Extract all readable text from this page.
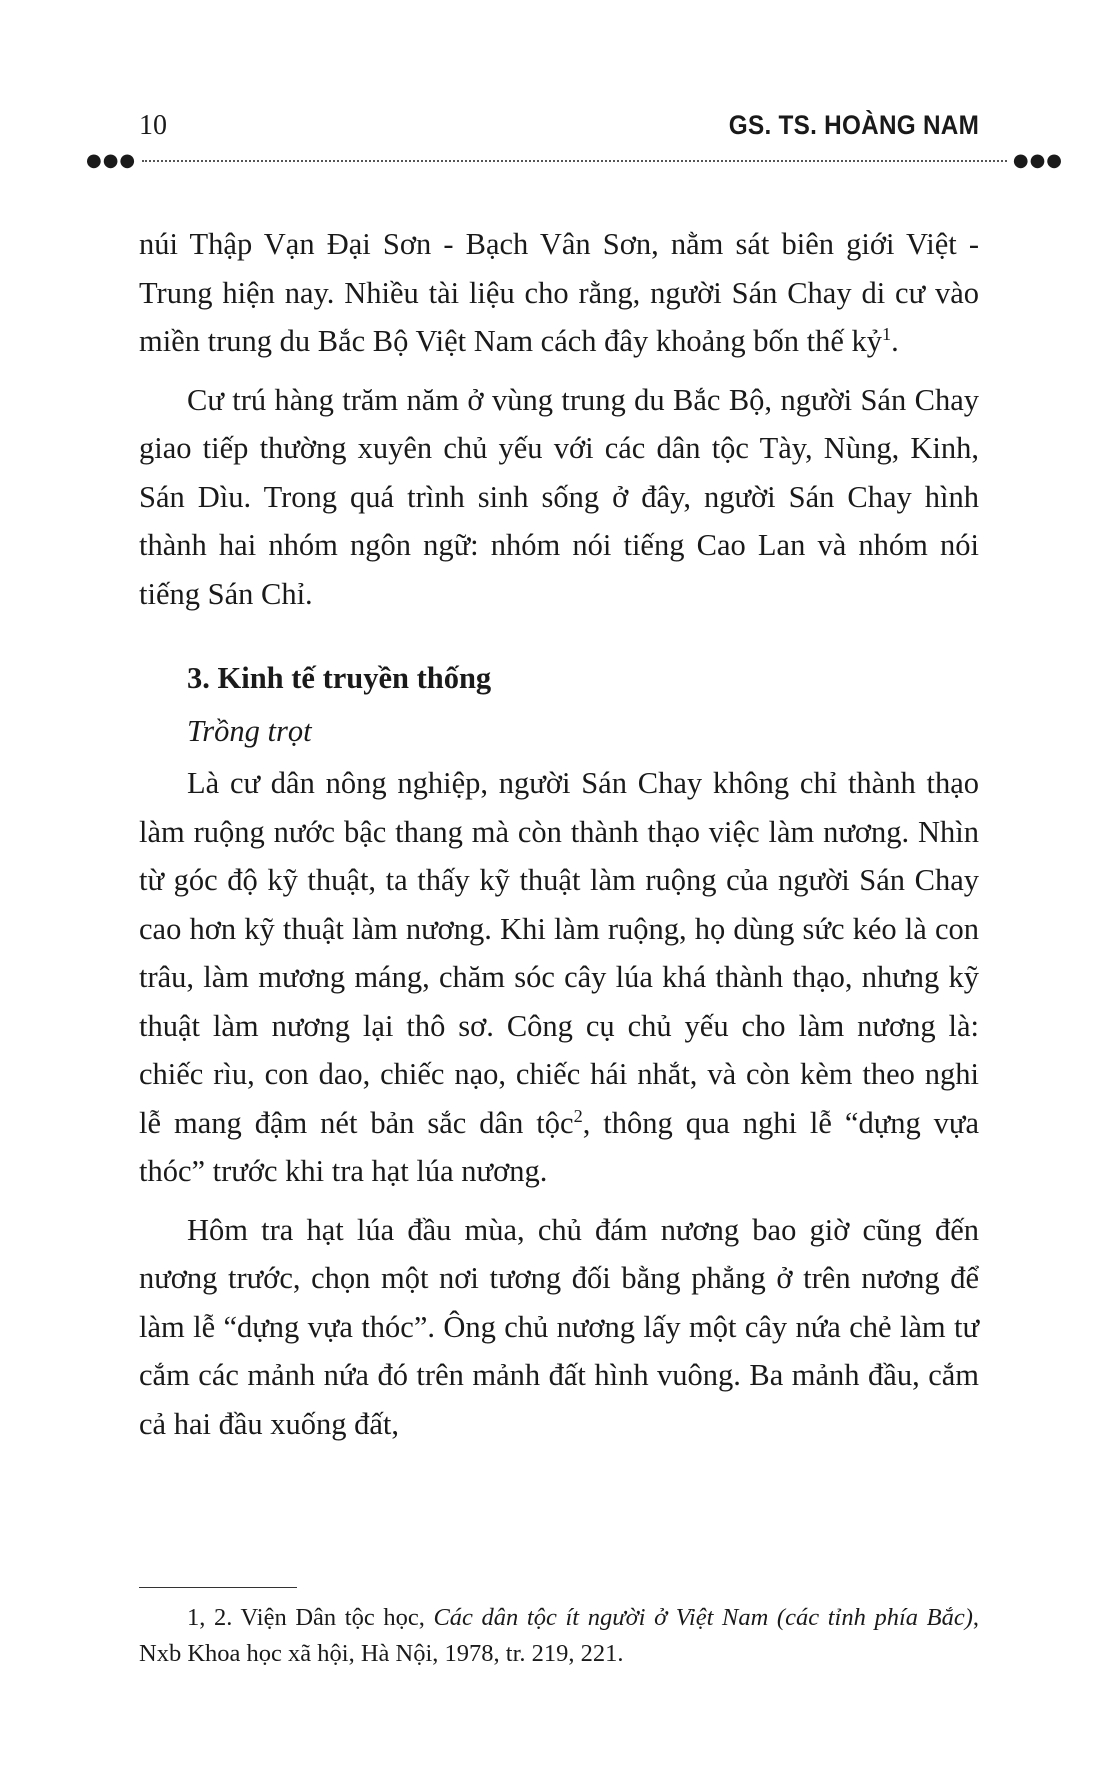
10	GS. TS. HOÀNG NAM
●●●	●●●

núi Thập Vạn Đại Sơn - Bạch Vân Sơn, nằm sát biên giới Việt - Trung hiện nay. Nhiều tài liệu cho rằng, người Sán Chay di cư vào miền trung du Bắc Bộ Việt Nam cách đây khoảng bốn thế kỷ$^1$.

Cư trú hàng trăm năm ở vùng trung du Bắc Bộ, người Sán Chay giao tiếp thường xuyên chủ yếu với các dân tộc Tày, Nùng, Kinh, Sán Dìu. Trong quá trình sinh sống ở đây, người Sán Chay hình thành hai nhóm ngôn ngữ: nhóm nói tiếng Cao Lan và nhóm nói tiếng Sán Chỉ.

3. Kinh tế truyền thống
Trồng trọt

Là cư dân nông nghiệp, người Sán Chay không chỉ thành thạo làm ruộng nước bậc thang mà còn thành thạo việc làm nương. Nhìn từ góc độ kỹ thuật, ta thấy kỹ thuật làm ruộng của người Sán Chay cao hơn kỹ thuật làm nương. Khi làm ruộng, họ dùng sức kéo là con trâu, làm mương máng, chăm sóc cây lúa khá thành thạo, nhưng kỹ thuật làm nương lại thô sơ. Công cụ chủ yếu cho làm nương là: chiếc rìu, con dao, chiếc nạo, chiếc hái nhắt, và còn kèm theo nghi lễ mang đậm nét bản sắc dân tộc$^2$, thông qua nghi lễ “dựng vựa thóc” trước khi tra hạt lúa nương.

Hôm tra hạt lúa đầu mùa, chủ đám nương bao giờ cũng đến nương trước, chọn một nơi tương đối bằng phẳng ở trên nương để làm lễ “dựng vựa thóc”. Ông chủ nương lấy một cây nứa chẻ làm tư cắm các mảnh nứa đó trên mảnh đất hình vuông. Ba mảnh đầu, cắm cả hai đầu xuống đất,

1, 2. Viện Dân tộc học, Các dân tộc ít người ở Việt Nam (các tỉnh phía Bắc), Nxb Khoa học xã hội, Hà Nội, 1978, tr. 219, 221.
